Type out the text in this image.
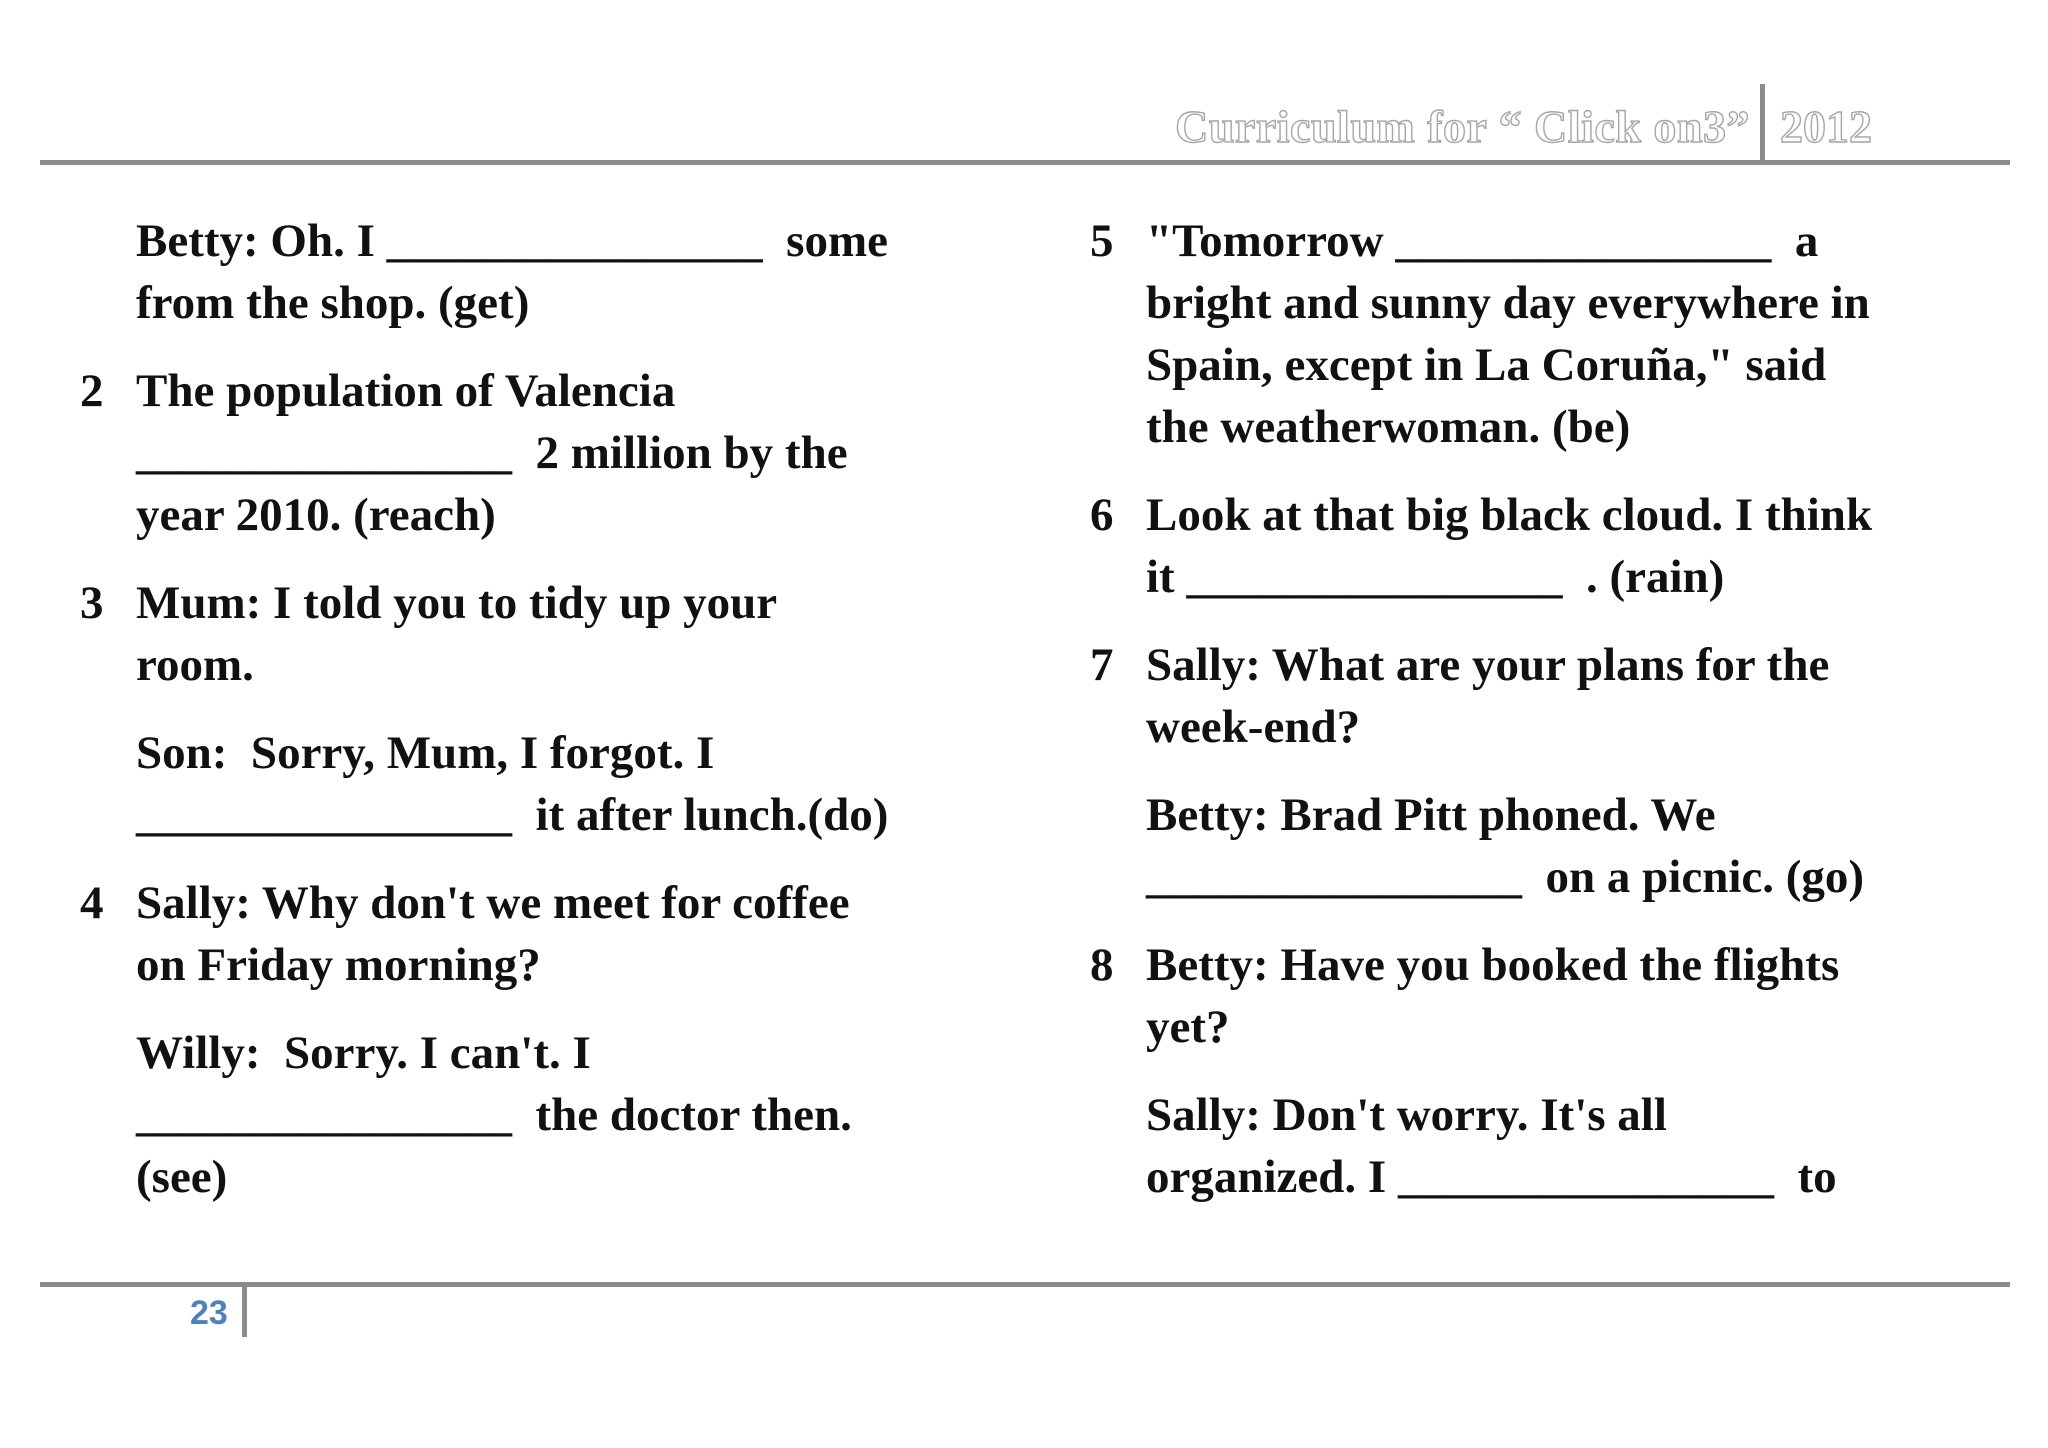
Curriculum for “ Click on3” 2012

Betty: Oh. I ________________  some
from the shop. (get)

2 The population of Valencia
________________  2 million by the
year 2010. (reach)

3 Mum: I told you to tidy up your
room.

Son:  Sorry, Mum, I forgot. I
________________  it after lunch.(do)

4 Sally: Why don't we meet for coffee
on Friday morning?

Willy:  Sorry. I can't. I
________________  the doctor then.
(see)

5 "Tomorrow ________________  a
bright and sunny day everywhere in
Spain, except in La Coruña," said
the weatherwoman. (be)

6 Look at that big black cloud. I think
it ________________  . (rain)

7 Sally: What are your plans for the
week-end?

Betty: Brad Pitt phoned. We
________________  on a picnic. (go)

8 Betty: Have you booked the flights
yet?

Sally: Don't worry. It's all
organized. I ________________  to

23
